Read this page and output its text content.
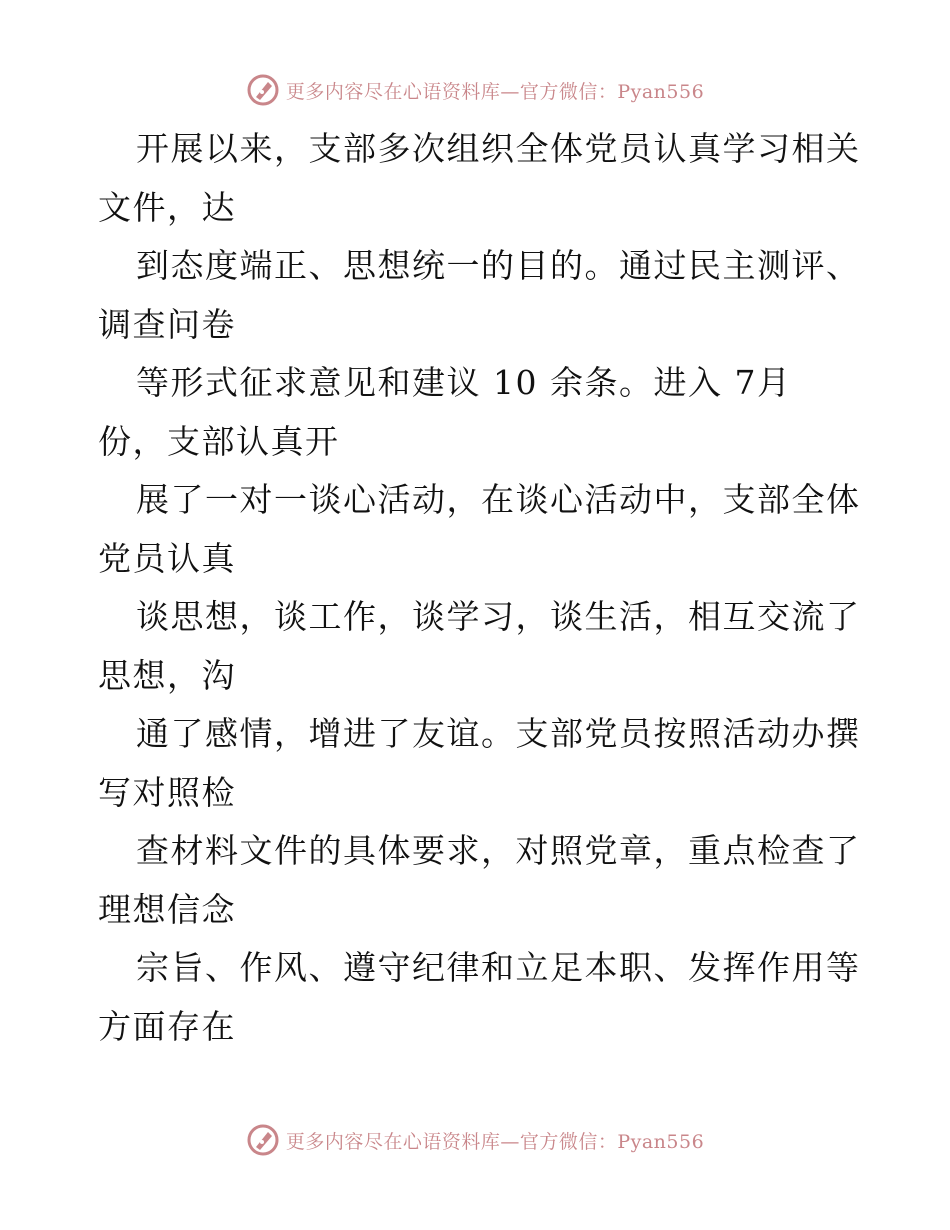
更多内容尽在心语资料库—官方微信：Pyan556
开展以来，支部多次组织全体党员认真学习相关
文件，达
到态度端正、思想统一的目的。通过民主测评、
调查问卷
等形式征求意见和建议 10 余条。进入 7月
份，支部认真开
展了一对一谈心活动，在谈心活动中，支部全体
党员认真
谈思想，谈工作，谈学习，谈生活，相互交流了
思想，沟
通了感情，增进了友谊。支部党员按照活动办撰
写对照检
查材料文件的具体要求，对照党章，重点检查了
理想信念
宗旨、作风、遵守纪律和立足本职、发挥作用等
方面存在
更多内容尽在心语资料库—官方微信：Pyan556
